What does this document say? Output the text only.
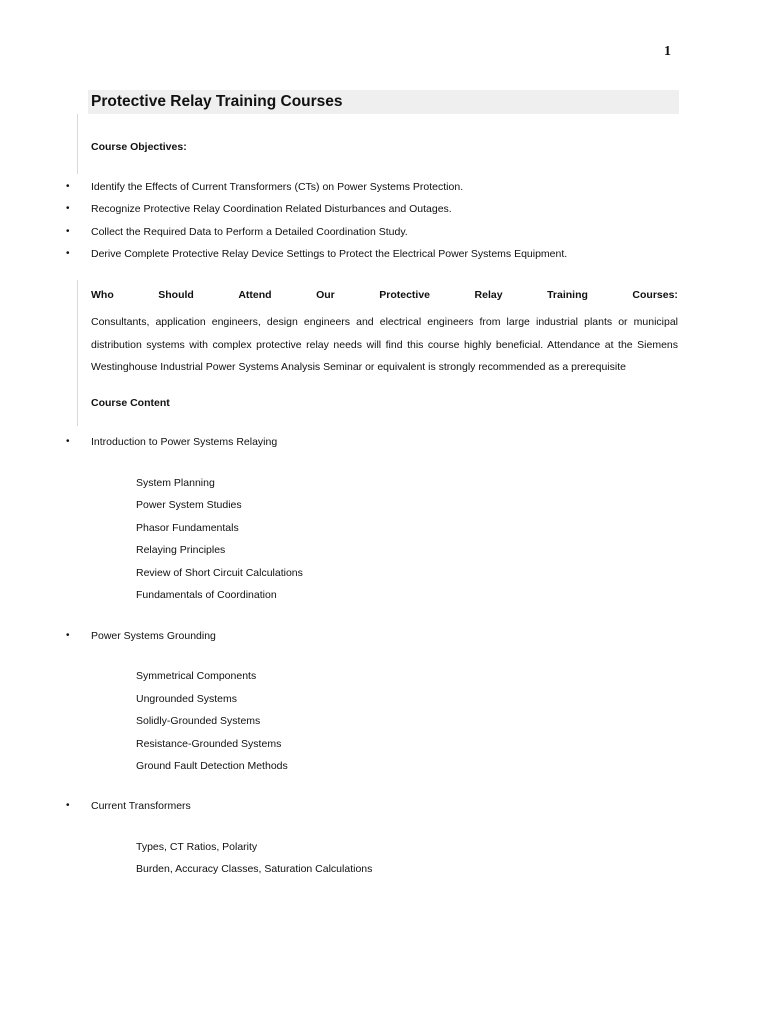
1
Protective Relay Training Courses
Course Objectives:
• Identify the Effects of Current Transformers (CTs) on Power Systems Protection.
• Recognize Protective Relay Coordination Related Disturbances and Outages.
• Collect the Required Data to Perform a Detailed Coordination Study.
• Derive Complete Protective Relay Device Settings to Protect the Electrical Power Systems Equipment.
Who	Should	Attend	Our	Protective	Relay	Training	Courses:
Consultants, application engineers, design engineers and electrical engineers from large industrial plants or municipal distribution systems with complex protective relay needs will find this course highly beneficial. Attendance at the Siemens Westinghouse Industrial Power Systems Analysis Seminar or equivalent is strongly recommended as a prerequisite
Course Content
• Introduction to Power Systems Relaying
System Planning
Power System Studies
Phasor Fundamentals
Relaying Principles
Review of Short Circuit Calculations
Fundamentals of Coordination
• Power Systems Grounding
Symmetrical Components
Ungrounded Systems
Solidly-Grounded Systems
Resistance-Grounded Systems
Ground Fault Detection Methods
• Current Transformers
Types, CT Ratios, Polarity
Burden, Accuracy Classes, Saturation Calculations
